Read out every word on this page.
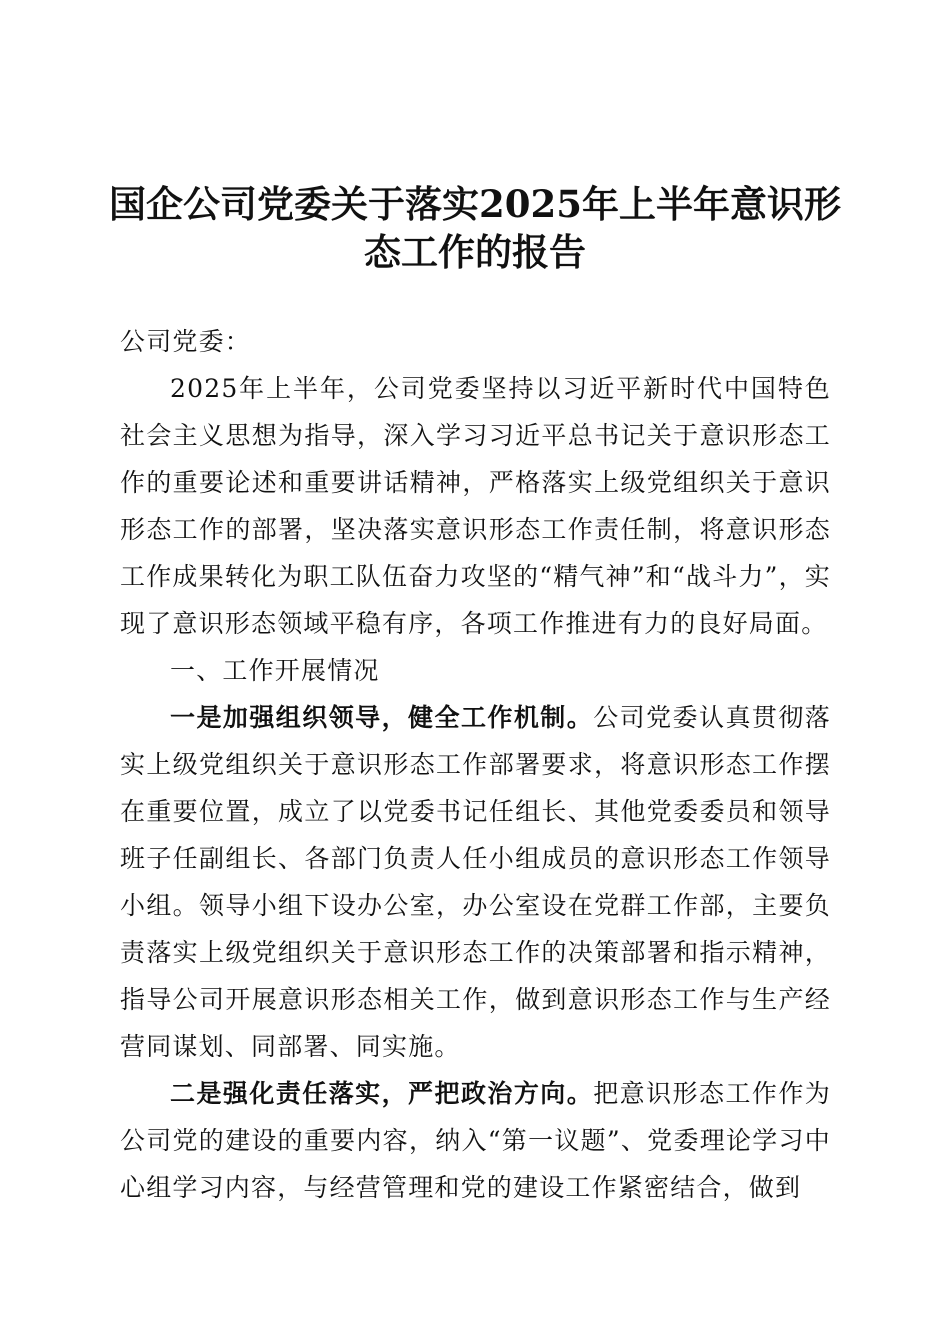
国企公司党委关于落实2025年上半年意识形态工作的报告

公司党委：

2025年上半年，公司党委坚持以习近平新时代中国特色社会主义思想为指导，深入学习习近平总书记关于意识形态工作的重要论述和重要讲话精神，严格落实上级党组织关于意识形态工作的部署，坚决落实意识形态工作责任制，将意识形态工作成果转化为职工队伍奋力攻坚的“精气神”和“战斗力”，实现了意识形态领域平稳有序，各项工作推进有力的良好局面。

一、工作开展情况

一是加强组织领导，健全工作机制。公司党委认真贯彻落实上级党组织关于意识形态工作部署要求，将意识形态工作摆在重要位置，成立了以党委书记任组长、其他党委委员和领导班子任副组长、各部门负责人任小组成员的意识形态工作领导小组。领导小组下设办公室，办公室设在党群工作部，主要负责落实上级党组织关于意识形态工作的决策部署和指示精神，指导公司开展意识形态相关工作，做到意识形态工作与生产经营同谋划、同部署、同实施。

二是强化责任落实，严把政治方向。把意识形态工作作为公司党的建设的重要内容，纳入“第一议题”、党委理论学习中心组学习内容，与经营管理和党的建设工作紧密结合，做到
